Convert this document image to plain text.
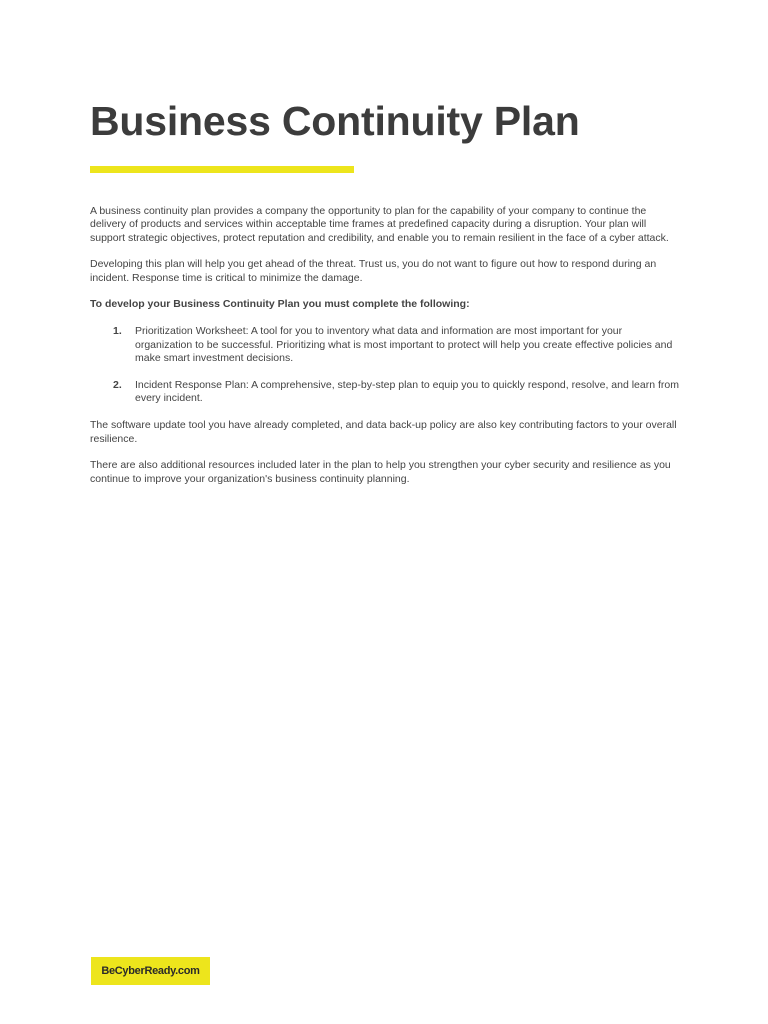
Business Continuity Plan

A business continuity plan provides a company the opportunity to plan for the capability of your company to continue the delivery of products and services within acceptable time frames at predefined capacity during a disruption. Your plan will support strategic objectives, protect reputation and credibility, and enable you to remain resilient in the face of a cyber attack.

Developing this plan will help you get ahead of the threat. Trust us, you do not want to figure out how to respond during an incident. Response time is critical to minimize the damage.

To develop your Business Continuity Plan you must complete the following:

1. Prioritization Worksheet: A tool for you to inventory what data and information are most important for your organization to be successful. Prioritizing what is most important to protect will help you create effective policies and make smart investment decisions.
2. Incident Response Plan: A comprehensive, step-by-step plan to equip you to quickly respond, resolve, and learn from every incident.

The software update tool you have already completed, and data back-up policy are also key contributing factors to your overall resilience.

There are also additional resources included later in the plan to help you strengthen your cyber security and resilience as you continue to improve your organization's business continuity planning.

BeCyberReady.com
